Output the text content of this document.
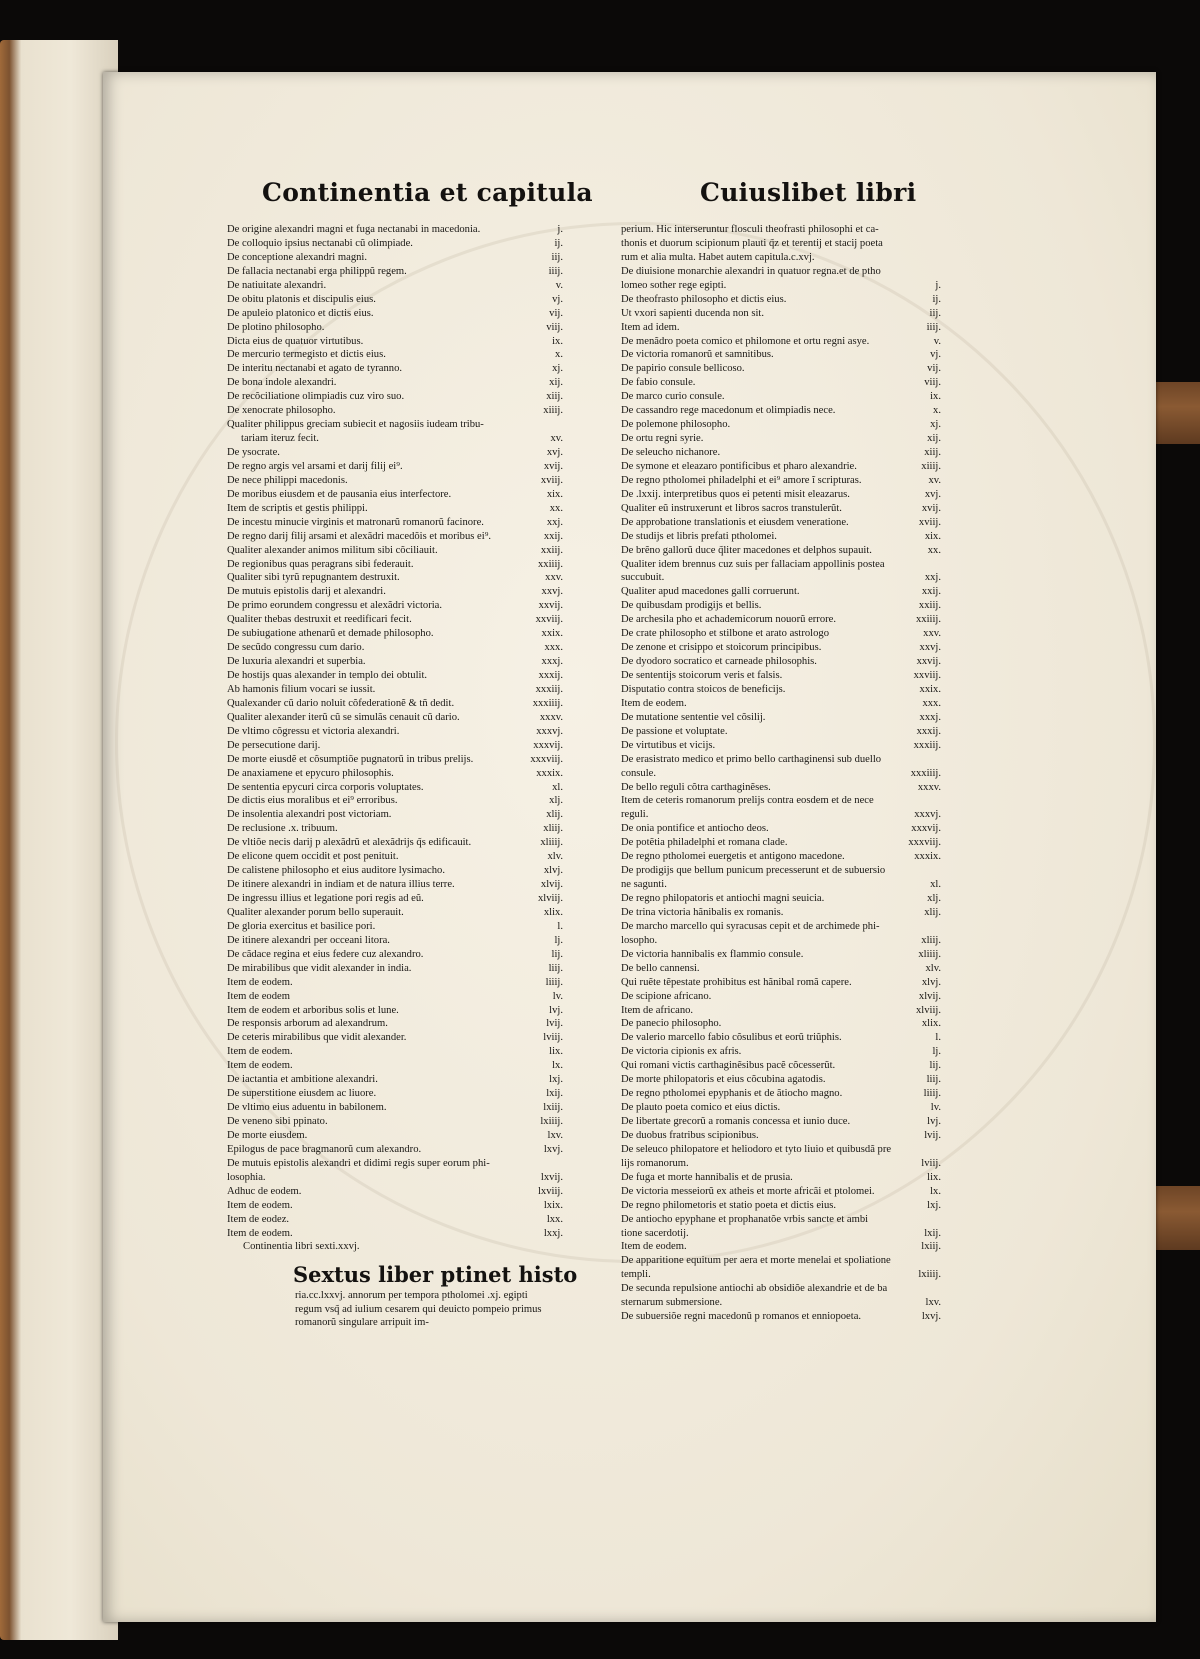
Continentia et capitula	Cuiuslibet libri
De origine alexandri magni et fuga nectanabi in macedonia.	j.
De colloquio ipsius nectanabi cũ olimpiade.	ij.
De conceptione alexandri magni.	iij.
De fallacia nectanabi erga philippũ regem.	iiij.
De natiuitate alexandri.	v.
De obitu platonis et discipulis eius.	vj.
De apuleio platonico et dictis eius.	vij.
De plotino philosopho.	viij.
Dicta eius de quatuor virtutibus.	ix.
De mercurio termegisto et dictis eius.	x.
De interitu nectanabi et agato de tyranno.	xj.
De bona indole alexandri.	xij.
De recõciliatione olimpiadis cuz viro suo.	xiij.
De xenocrate philosopho.	xiiij.
Qualiter philippus greciam subiecit et nagosiis iudeam tribu-
tariam iteruz fecit.	xv.
De ysocrate.	xvj.
De regno argis vel arsami et darij filij ei⁹.	xvij.
De nece philippi macedonis.	xviij.
De moribus eiusdem et de pausania eius interfectore.	xix.
Item de scriptis et gestis philippi.	xx.
De incestu minucie virginis et matronarũ romanorũ facinore.	xxj.
De regno darij filij arsami et alexãdri macedõis et moribus ei⁹.	xxij.
Qualiter alexander animos militum sibi cõciliauit.	xxiij.
De regionibus quas peragrans sibi federauit.	xxiiij.
Qualiter sibi tyrũ repugnantem destruxit.	xxv.
De mutuis epistolis darij et alexandri.	xxvj.
De primo eorundem congressu et alexãdri victoria.	xxvij.
Qualiter thebas destruxit et reedificari fecit.	xxviij.
De subiugatione athenarũ et demade philosopho.	xxix.
De secũdo congressu cum dario.	xxx.
De luxuria alexandri et superbia.	xxxj.
De hostijs quas alexander in templo dei obtulit.	xxxij.
Ab hamonis filium vocari se iussit.	xxxiij.
Qualexander cũ dario noluit cõfederationẽ & tñ dedit.	xxxiiij.
Qualiter alexander iterũ cũ se simulãs cenauit cũ dario.	xxxv.
De vltimo cõgressu et victoria alexandri.	xxxvj.
De persecutione darij.	xxxvij.
De morte eiusdẽ et cõsumptiõe pugnatorũ in tribus prelijs.	xxxviij.
De anaxiamene et epycuro philosophis.	xxxix.
De sententia epycuri circa corporis voluptates.	xl.
De dictis eius moralibus et ei⁹ erroribus.	xlj.
De insolentia alexandri post victoriam.	xlij.
De reclusione .x. tribuum.	xliij.
De vltiõe necis darij p alexãdrũ et alexãdrijs q̃s edificauit.	xliiij.
De elicone quem occidit et post penituit.	xlv.
De calistene philosopho et eius auditore lysimacho.	xlvj.
De itinere alexandri in indiam et de natura illius terre.	xlvij.
De ingressu illius et legatione pori regis ad eũ.	xlviij.
Qualiter alexander porum bello superauit.	xlix.
De gloria exercitus et basilice pori.	l.
De itinere alexandri per occeani litora.	lj.
De cãdace regina et eius federe cuz alexandro.	lij.
De mirabilibus que vidit alexander in india.	liij.
Item de eodem.	liiij.
Item de eodem	lv.
Item de eodem et arboribus solis et lune.	lvj.
De responsis arborum ad alexandrum.	lvij.
De ceteris mirabilibus que vidit alexander.	lviij.
Item de eodem.	lix.
Item de eodem.	lx.
De iactantia et ambitione alexandri.	lxj.
De superstitione eiusdem ac liuore.	lxij.
De vltimo eius aduentu in babilonem.	lxiij.
De veneno sibi ppinato.	lxiiij.
De morte eiusdem.	lxv.
Epilogus de pace bragmanorũ cum alexandro.	lxvj.
De mutuis epistolis alexandri et didimi regis super eorum phi-
losophia.	lxvij.
Adhuc de eodem.	lxviij.
Item de eodem.	lxix.
Item de eodez.	lxx.
Item de eodem.	lxxj.
Continentia libri sexti.xxvj.
perium. Hic interseruntur flosculi theofrasti philosophi et ca-
thonis et duorum scipionum plauti q̃z et terentij et stacij poeta
rum et alia multa. Habet autem capitula.c.xvj.
De diuisione monarchie alexandri in quatuor regna.et de ptho
lomeo sother rege egipti.	j.
De theofrasto philosopho et dictis eius.	ij.
Ut vxori sapienti ducenda non sit.	iij.
Item ad idem.	iiij.
De menãdro poeta comico et philomone et ortu regni asye.	v.
De victoria romanorũ et samnitibus.	vj.
De papirio consule bellicoso.	vij.
De fabio consule.	viij.
De marco curio consule.	ix.
De cassandro rege macedonum et olimpiadis nece.	x.
De polemone philosopho.	xj.
De ortu regni syrie.	xij.
De seleucho nichanore.	xiij.
De symone et eleazaro pontificibus et pharo alexandrie.	xiiij.
De regno ptholomei philadelphi et ei⁹ amore ĩ scripturas.	xv.
De .lxxij. interpretibus quos ei petenti misit eleazarus.	xvj.
Qualiter eũ instruxerunt et libros sacros transtulerũt.	xvij.
De approbatione translationis et eiusdem veneratione.	xviij.
De studijs et libris prefati ptholomei.	xix.
De brẽno gallorũ duce q̃liter macedones et delphos supauit.	xx.
Qualiter idem brennus cuz suis per fallaciam appollinis postea
succubuit.	xxj.
Qualiter apud macedones galli corruerunt.	xxij.
De quibusdam prodigijs et bellis.	xxiij.
De archesila pho et achademicorum nouorũ errore.	xxiiij.
De crate philosopho et stilbone et arato astrologo	xxv.
De zenone et crisippo et stoicorum principibus.	xxvj.
De dyodoro socratico et carneade philosophis.	xxvij.
De sententijs stoicorum veris et falsis.	xxviij.
Disputatio contra stoicos de beneficijs.	xxix.
Item de eodem.	xxx.
De mutatione sententie vel cõsilij.	xxxj.
De passione et voluptate.	xxxij.
De virtutibus et vicijs.	xxxiij.
De erasistrato medico et primo bello carthaginensi sub duello
consule.	xxxiiij.
De bello reguli cõtra carthaginẽses.	xxxv.
Item de ceteris romanorum prelijs contra eosdem et de nece
reguli.	xxxvj.
De onia pontifice et antiocho deos.	xxxvij.
De potẽtia philadelphi et romana clade.	xxxviij.
De regno ptholomei euergetis et antigono macedone.	xxxix.
De prodigijs que bellum punicum precesserunt et de subuersio
ne sagunti.	xl.
De regno philopatoris et antiochi magni seuicia.	xlj.
De trina victoria hãnibalis ex romanis.	xlij.
De marcho marcello qui syracusas cepit et de archimede phi-
losopho.	xliij.
De victoria hannibalis ex flammio consule.	xliiij.
De bello cannensi.	xlv.
Qui ruẽte tẽpestate prohibitus est hãnibal romã capere.	xlvj.
De scipione africano.	xlvij.
Item de africano.	xlviij.
De panecio philosopho.	xlix.
De valerio marcello fabio cõsulibus et eorũ triũphis.	l.
De victoria cipionis ex afris.	lj.
Qui romani victis carthaginẽsibus pacẽ cõcesserũt.	lij.
De morte philopatoris et eius cõcubina agatodis.	liij.
De regno ptholomei epyphanis et de ãtiocho magno.	liiij.
De plauto poeta comico et eius dictis.	lv.
De libertate grecorũ a romanis concessa et iunio duce.	lvj.
De duobus fratribus scipionibus.	lvij.
De seleuco philopatore et heliodoro et tyto liuio et quibusdã pre
lijs romanorum.	lviij.
De fuga et morte hannibalis et de prusia.	lix.
De victoria messeiorũ ex atheis et morte africãi et ptolomei.	lx.
De regno philometoris et statio poeta et dictis eius.	lxj.
De antiocho epyphane et prophanatõe vrbis sancte et ambi
tione sacerdotij.	lxij.
Item de eodem.	lxiij.
De apparitione equitum per aera et morte menelai et spoliatione
templi.	lxiiij.
De secunda repulsione antiochi ab obsidiõe alexandrie et de ba
sternarum submersione.	lxv.
De subuersiõe regni macedonũ p romanos et enniopoeta.	lxvj.
Sextus liber ptinet histo
ria.cc.lxxvj. annorum per tempora ptholomei .xj. egipti regum vsq̃ ad iulium cesarem qui deuicto pompeio primus romanorũ singulare arripuit im-
